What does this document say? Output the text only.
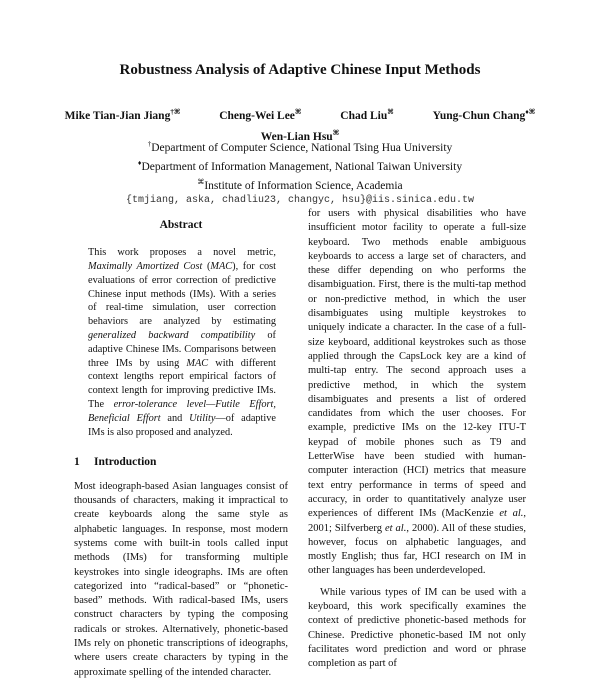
Robustness Analysis of Adaptive Chinese Input Methods
Mike Tian-Jian Jiang†⌘	Cheng-Wei Lee⌘	Chad Liu⌘	Yung-Chun Chang♦⌘
Wen-Lian Hsu⌘
†Department of Computer Science, National Tsing Hua University
♦Department of Information Management, National Taiwan University
⌘Institute of Information Science, Academia
{tmjiang, aska, chadliu23, changyc, hsu}@iis.sinica.edu.tw
Abstract
This work proposes a novel metric, Maximally Amortized Cost (MAC), for cost evaluations of error correction of predictive Chinese input methods (IMs). With a series of real-time simulation, user correction behaviors are analyzed by estimating generalized backward compatibility of adaptive Chinese IMs. Comparisons between three IMs by using MAC with different context lengths report empirical factors of context length for improving predictive IMs. The error-tolerance level—Futile Effort, Beneficial Effort and Utility—of adaptive IMs is also proposed and analyzed.
1 Introduction
Most ideograph-based Asian languages consist of thousands of characters, making it impractical to create keyboards along the same style as alphabetic languages. In response, most modern systems come with built-in tools called input methods (IMs) for transforming multiple keystrokes into single ideographs. IMs are often categorized into “radical-based” or “phonetic-based” methods. With radical-based IMs, users construct characters by typing the composing radicals or strokes. Alternatively, phonetic-based IMs rely on phonetic transcriptions of ideographs, where users create characters by typing in the approximate spelling of the intended character.

for users with physical disabilities who have insufficient motor facility to operate a full-size keyboard. Two methods enable ambiguous keyboards to access a large set of characters, and these differ depending on who performs the disambiguation. First, there is the multi-tap method or non-predictive method, in which the user disambiguates using multiple keystrokes to uniquely indicate a character. In the case of a full-size keyboard, additional keystrokes such as those applied through the CapsLock key are a kind of multi-tap entry. The second approach uses a predictive method, in which the system disambiguates and presents a list of ordered candidates from which the user chooses. For example, predictive IMs on the 12-key ITU-T keypad of mobile phones such as T9 and LetterWise have been studied with human-computer interaction (HCI) metrics that measure text entry performance in terms of speed and accuracy, in order to quantitatively analyze user experiences of different IMs (MacKenzie et al., 2001; Silfverberg et al., 2000). All of these studies, however, focus on alphabetic languages, and mostly English; thus far, HCI research on IM in other languages has been underdeveloped.

While various types of IM can be used with a keyboard, this work specifically examines the context of predictive phonetic-based methods for Chinese. Predictive phonetic-based IM not only facilitates word prediction and word or phrase completion as part of
